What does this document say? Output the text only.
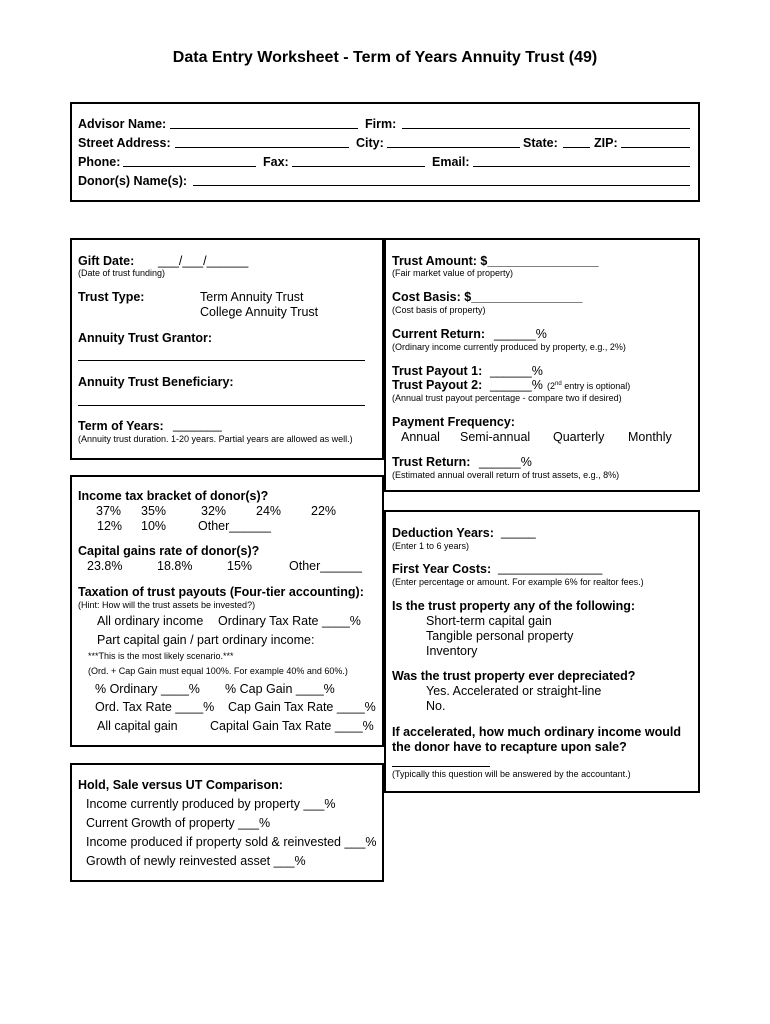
Data Entry Worksheet - Term of Years Annuity Trust (49)
Advisor Name:	Firm:
Street Address:	City:	State:	ZIP:
Phone:	Fax:	Email:
Donor(s) Name(s):
Gift Date: ___/___/______
(Date of trust funding)
Trust Type:	Term Annuity Trust
College Annuity Trust
Annuity Trust Grantor:
Annuity Trust Beneficiary:
Term of Years: _______
(Annuity trust duration. 1-20 years. Partial years are allowed as well.)
Trust Amount: $________________
(Fair market value of property)
Cost Basis: $________________
(Cost basis of property)
Current Return: ______%
(Ordinary income currently produced by property, e.g., 2%)
Trust Payout 1: ______%
Trust Payout 2: ______% (2nd entry is optional)
(Annual trust payout percentage - compare two if desired)
Payment Frequency:
Annual Semi-annual Quarterly Monthly
Trust Return: ______%
(Estimated annual overall return of trust assets, e.g., 8%)
Income tax bracket of donor(s)?
37% 35%	32% 24% 22%
12% 10%	Other______
Capital gains rate of donor(s)?
23.8%	18.8%	15%	Other______
Taxation of trust payouts (Four-tier accounting):
(Hint: How will the trust assets be invested?)
All ordinary income Ordinary Tax Rate ____%
Part capital gain / part ordinary income:
***This is the most likely scenario.***
(Ord. + Cap Gain must equal 100%. For example 40% and 60%.)
% Ordinary ____% % Cap Gain ____%
Ord. Tax Rate ____% Cap Gain Tax Rate ____%
All capital gain	Capital Gain Tax Rate ____%
Deduction Years: _____
(Enter 1 to 6 years)
First Year Costs: _______________
(Enter percentage or amount. For example 6% for realtor fees.)
Is the trust property any of the following:
Short-term capital gain
Tangible personal property
Inventory
Was the trust property ever depreciated?
Yes. Accelerated or straight-line
No.
If accelerated, how much ordinary income would
the donor have to recapture upon sale?
(Typically this question will be answered by the accountant.)
Hold, Sale versus UT Comparison:
Income currently produced by property ___%
Current Growth of property ___%
Income produced if property sold & reinvested ___%
Growth of newly reinvested asset ___%
